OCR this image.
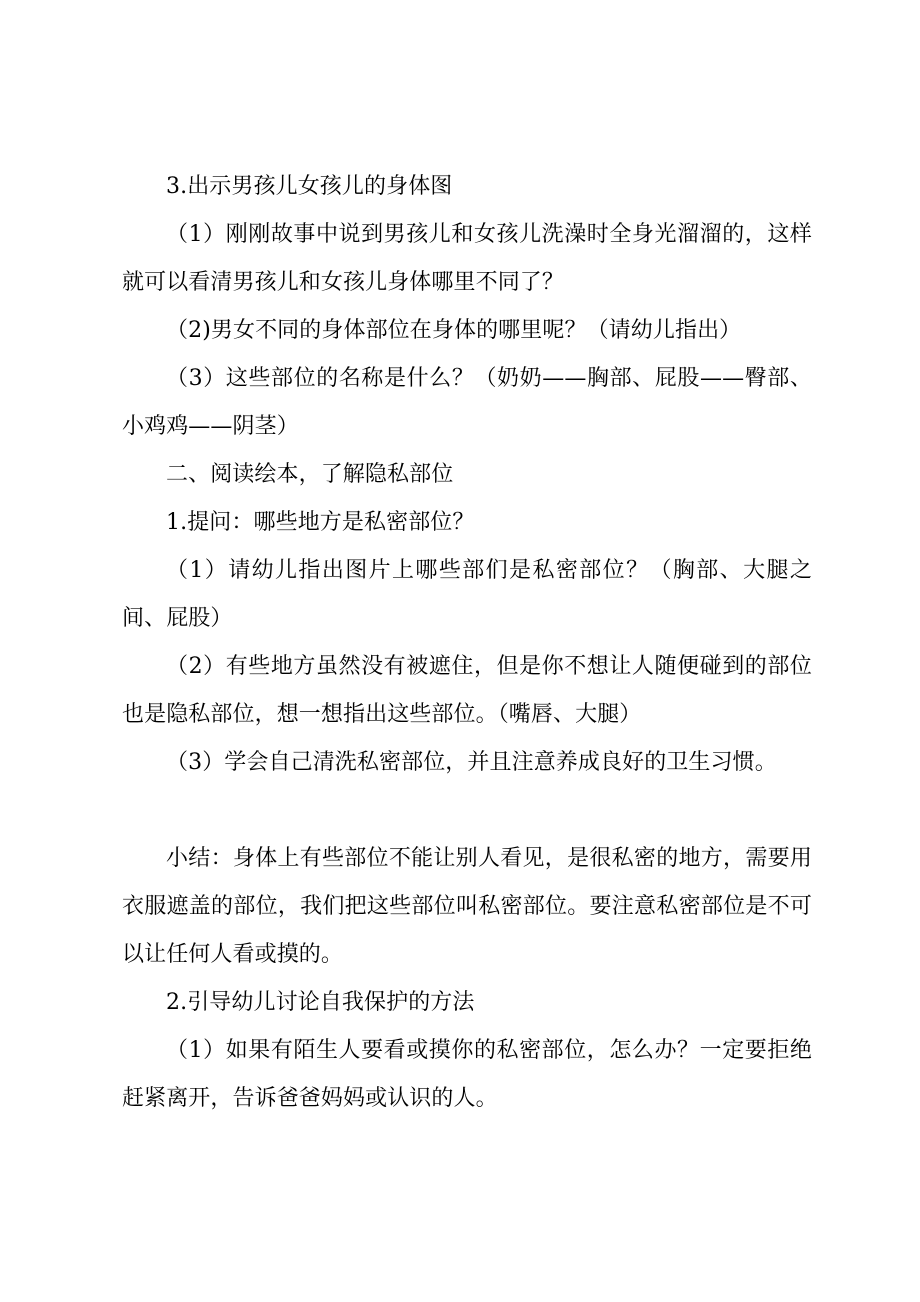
3.出示男孩儿女孩儿的身体图

（1）刚刚故事中说到男孩儿和女孩儿洗澡时全身光溜溜的，这样就可以看清男孩儿和女孩儿身体哪里不同了？

（2)男女不同的身体部位在身体的哪里呢？（请幼儿指出）

（3）这些部位的名称是什么？（奶奶——胸部、屁股——臀部、小鸡鸡——阴茎）

二、阅读绘本，了解隐私部位

1.提问：哪些地方是私密部位？

（1）请幼儿指出图片上哪些部们是私密部位？（胸部、大腿之间、屁股）

（2）有些地方虽然没有被遮住，但是你不想让人随便碰到的部位也是隐私部位，想一想指出这些部位。（嘴唇、大腿）

（3）学会自己清洗私密部位，并且注意养成良好的卫生习惯。

小结：身体上有些部位不能让别人看见，是很私密的地方，需要用衣服遮盖的部位，我们把这些部位叫私密部位。要注意私密部位是不可以让任何人看或摸的。

2.引导幼儿讨论自我保护的方法

（1）如果有陌生人要看或摸你的私密部位，怎么办？一定要拒绝赶紧离开，告诉爸爸妈妈或认识的人。
